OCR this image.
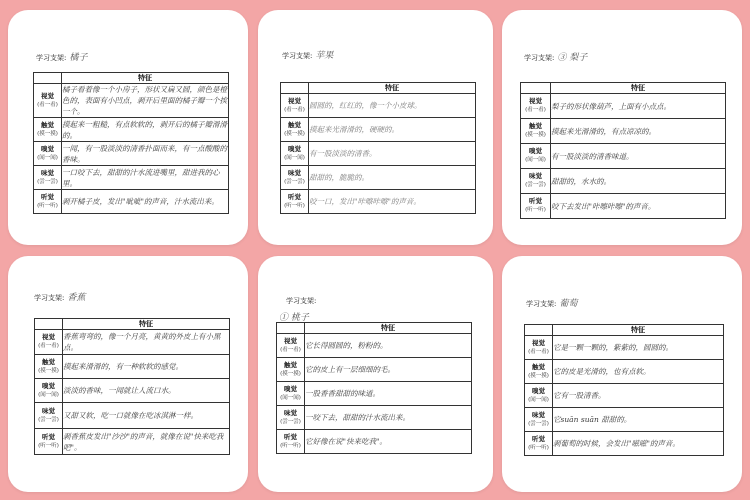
学习支架: 橘子
	特征
视觉
(看一看)	橘子看着像一个小房子，形状又扁又圆，颜色是橙色的，表面有小凹点，剥开后里面的橘子瓣一个挨一个。
触觉
(摸一摸)	摸起来一粗糙，有点软软的，剥开后的橘子瓣滑滑的。
嗅觉
(闻一闻)	一闻，有一股淡淡的清香扑面而来，有一点酸酸的香味。
味觉
(尝一尝)	一口咬下去，甜甜的汁水流进嘴里，甜进我的心里。
听觉
(听一听)	剥开橘子皮，发出"呲呲"的声音，汁水流出来。
学习支架: 苹果
	特征
视觉
(看一看)	圆圆的，红红的，像一个小皮球。
触觉
(摸一摸)	摸起来光滑滑的，硬硬的。
嗅觉
(闻一闻)	有一股淡淡的清香。
味觉
(尝一尝)	甜甜的，脆脆的。
听觉
(听一听)	咬一口，发出"咔嚓咔嚓"的声音。
学习支架: ③ 梨子
	特征
视觉
(看一看)	梨子的形状像葫芦，上面有小点点。
触觉
(摸一摸)	摸起来光滑滑的，有点凉凉的。
嗅觉
(闻一闻)	有一股淡淡的清香味道。
味觉
(尝一尝)	甜甜的，水水的。
听觉
(听一听)	咬下去发出"咔嚓咔嚓"的声音。
学习支架: 香蕉
	特征
视觉
(看一看)	香蕉弯弯的，像一个月亮，黄黄的外皮上有小黑点。
触觉
(摸一摸)	摸起来滑滑的，有一种软软的感觉。
嗅觉
(闻一闻)	淡淡的香味，一闻就让人流口水。
味觉
(尝一尝)	又甜又软，吃一口就像在吃冰淇淋一样。
听觉
(听一听)	剥香蕉皮发出"沙沙"的声音，就像在说"快来吃我吧"。
学习支架:
① 桃子
	特征
视觉
(看一看)	它长得圆圆的，粉粉的。
触觉
(摸一摸)	它的皮上有一层细细的毛。
嗅觉
(闻一闻)	一股香香甜甜的味道。
味觉
(尝一尝)	一咬下去，甜甜的汁水流出来。
听觉
(听一听)	它好像在说"快来吃我"。
学习支架: 葡萄
	特征
视觉
(看一看)	它是一颗一颗的，紫紫的，圆圆的。
触觉
(摸一摸)	它的皮是光滑的，也有点软。
嗅觉
(闻一闻)	它有一股清香。
味觉
(尝一尝)	它suān suān 甜甜的。
听觉
(听一听)	剥葡萄的时候，会发出"嗞嗞"的声音。
